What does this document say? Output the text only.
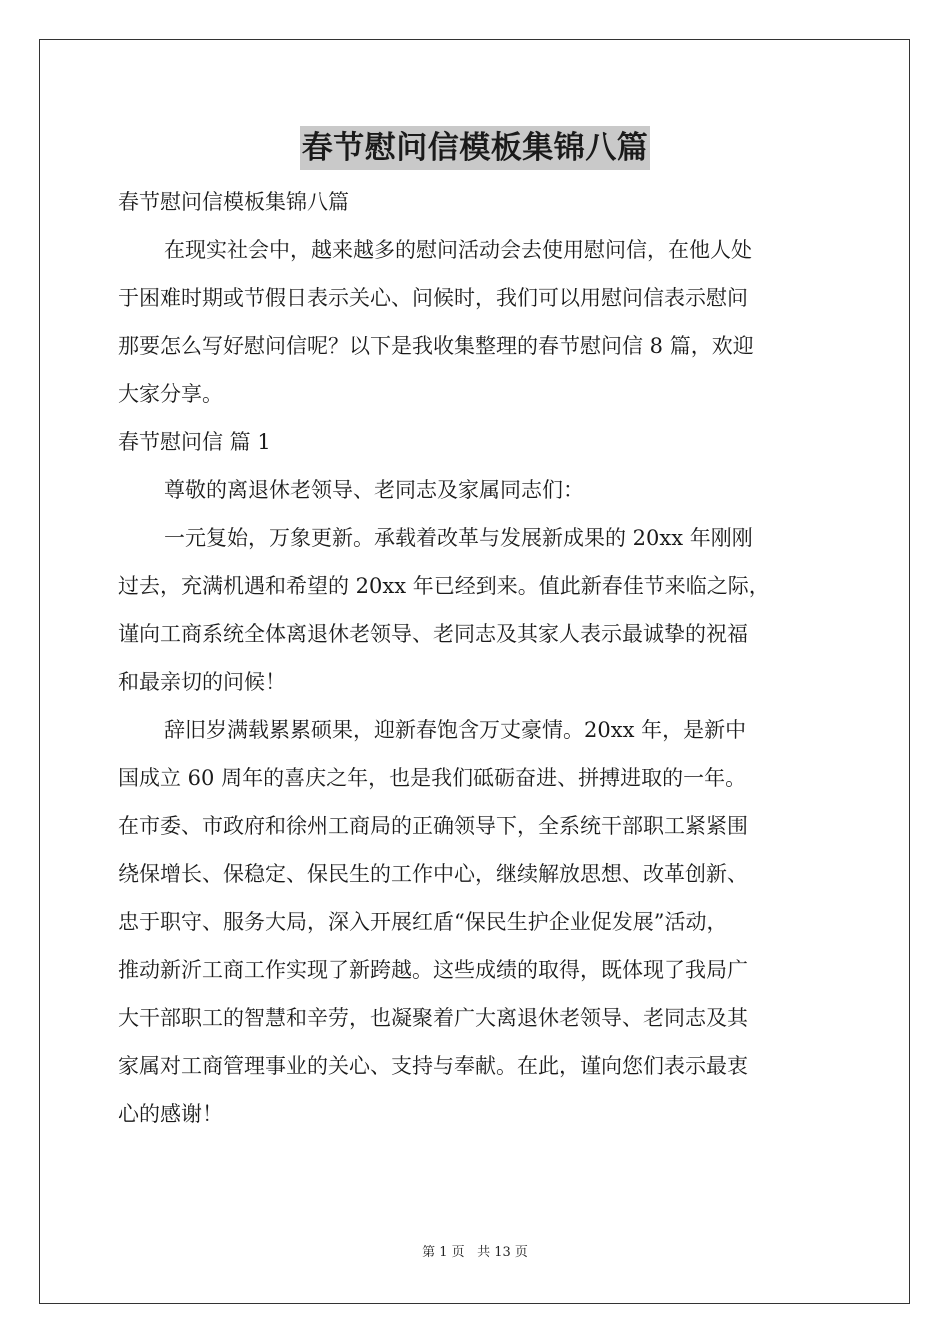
春节慰问信模板集锦八篇
春节慰问信模板集锦八篇
在现实社会中，越来越多的慰问活动会去使用慰问信，在他人处
于困难时期或节假日表示关心、问候时，我们可以用慰问信表示慰问
那要怎么写好慰问信呢？以下是我收集整理的春节慰问信 8 篇，欢迎
大家分享。
春节慰问信 篇 1
尊敬的离退休老领导、老同志及家属同志们：
一元复始，万象更新。承载着改革与发展新成果的 20xx 年刚刚
过去，充满机遇和希望的 20xx 年已经到来。值此新春佳节来临之际，
谨向工商系统全体离退休老领导、老同志及其家人表示最诚挚的祝福
和最亲切的问候！
辞旧岁满载累累硕果，迎新春饱含万丈豪情。20xx 年，是新中
国成立 60 周年的喜庆之年，也是我们砥砺奋进、拼搏进取的一年。
在市委、市政府和徐州工商局的正确领导下，全系统干部职工紧紧围
绕保增长、保稳定、保民生的工作中心，继续解放思想、改革创新、
忠于职守、服务大局，深入开展红盾“保民生护企业促发展”活动，
推动新沂工商工作实现了新跨越。这些成绩的取得，既体现了我局广
大干部职工的智慧和辛劳，也凝聚着广大离退休老领导、老同志及其
家属对工商管理事业的关心、支持与奉献。在此，谨向您们表示最衷
心的感谢！
第 1 页 共 13 页
